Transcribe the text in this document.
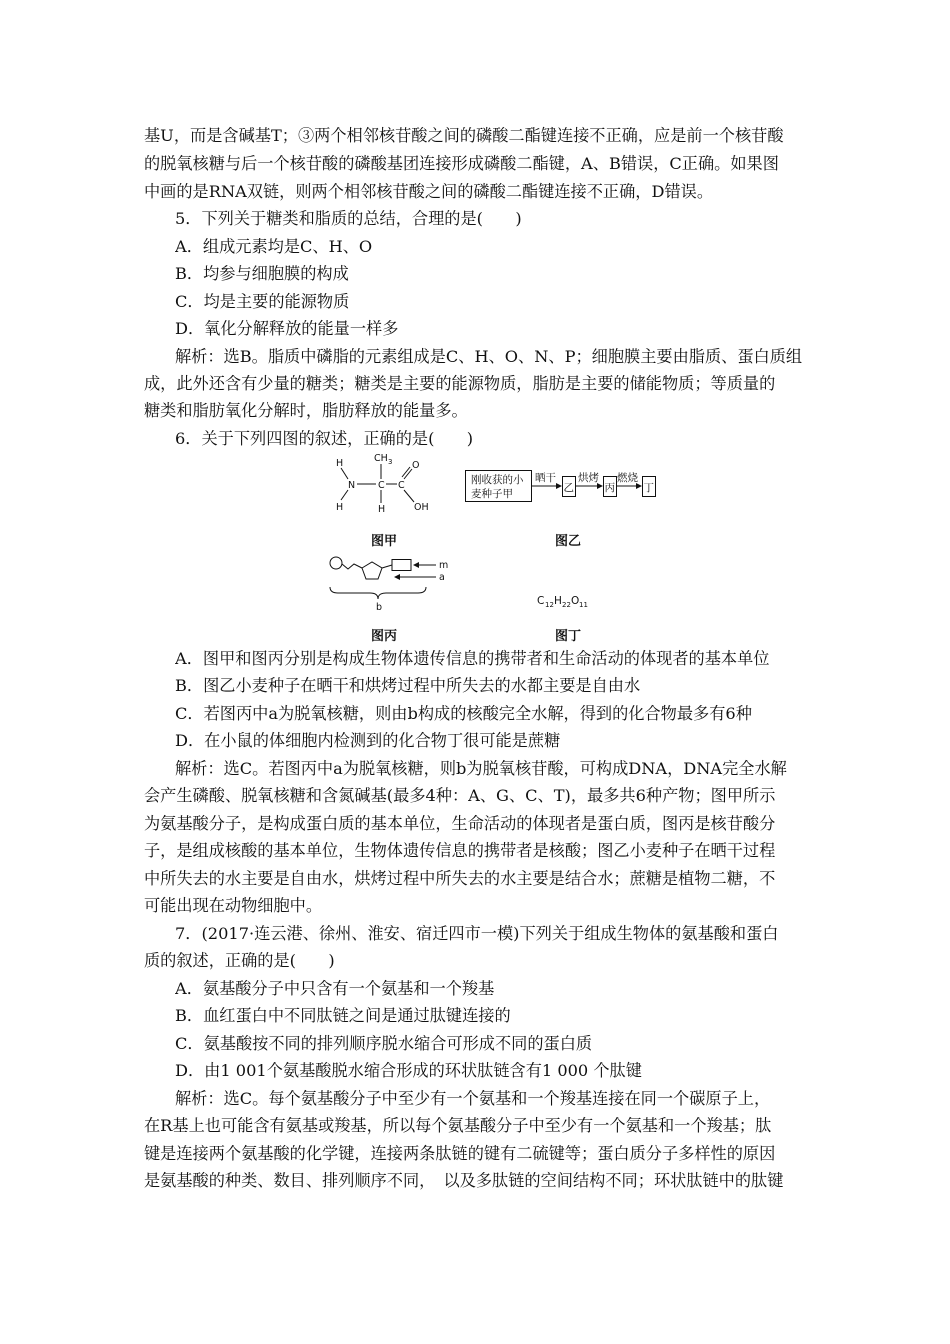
基U，而是含碱基T；③两个相邻核苷酸之间的磷酸二酯键连接不正确，应是前一个核苷酸
的脱氧核糖与后一个核苷酸的磷酸基团连接形成磷酸二酯键，A、B错误，C正确。如果图
中画的是RNA双链，则两个相邻核苷酸之间的磷酸二酯键连接不正确，D错误。
5．下列关于糖类和脂质的总结，合理的是(　　)
A．组成元素均是C、H、O
B．均参与细胞膜的构成
C．均是主要的能源物质
D．氧化分解释放的能量一样多
解析：选B。脂质中磷脂的元素组成是C、H、O、N、P；细胞膜主要由脂质、蛋白质组
成，此外还含有少量的糖类；糖类是主要的能源物质，脂肪是主要的储能物质；等质量的
糖类和脂肪氧化分解时，脂肪释放的能量多。
6．关于下列四图的叙述，正确的是(　　)
H
N
H
CH 3
C
H
C
O
OH
图甲
刚收获的小
麦种子甲
晒干
乙
烘烤
丙
燃烧
丁
图乙
m
a
b
图丙
C 12 H 22 O 11
图丁
A．图甲和图丙分别是构成生物体遗传信息的携带者和生命活动的体现者的基本单位
B．图乙小麦种子在晒干和烘烤过程中所失去的水都主要是自由水
C．若图丙中a为脱氧核糖，则由b构成的核酸完全水解，得到的化合物最多有6种
D．在小鼠的体细胞内检测到的化合物丁很可能是蔗糖
解析：选C。若图丙中a为脱氧核糖，则b为脱氧核苷酸，可构成DNA，DNA完全水解
会产生磷酸、脱氧核糖和含氮碱基(最多4种：A、G、C、T)，最多共6种产物；图甲所示
为氨基酸分子，是构成蛋白质的基本单位，生命活动的体现者是蛋白质，图丙是核苷酸分
子，是组成核酸的基本单位，生物体遗传信息的携带者是核酸；图乙小麦种子在晒干过程
中所失去的水主要是自由水，烘烤过程中所失去的水主要是结合水；蔗糖是植物二糖，不
可能出现在动物细胞中。
7．(2017·连云港、徐州、淮安、宿迁四市一模)下列关于组成生物体的氨基酸和蛋白
质的叙述，正确的是(　　)
A．氨基酸分子中只含有一个氨基和一个羧基
B．血红蛋白中不同肽链之间是通过肽键连接的
C．氨基酸按不同的排列顺序脱水缩合可形成不同的蛋白质
D．由1 001个氨基酸脱水缩合形成的环状肽链含有1 000 个肽键
解析：选C。每个氨基酸分子中至少有一个氨基和一个羧基连接在同一个碳原子上，
在R基上也可能含有氨基或羧基，所以每个氨基酸分子中至少有一个氨基和一个羧基；肽
键是连接两个氨基酸的化学键，连接两条肽链的键有二硫键等；蛋白质分子多样性的原因
是氨基酸的种类、数目、排列顺序不同，　以及多肽链的空间结构不同；环状肽链中的肽键
